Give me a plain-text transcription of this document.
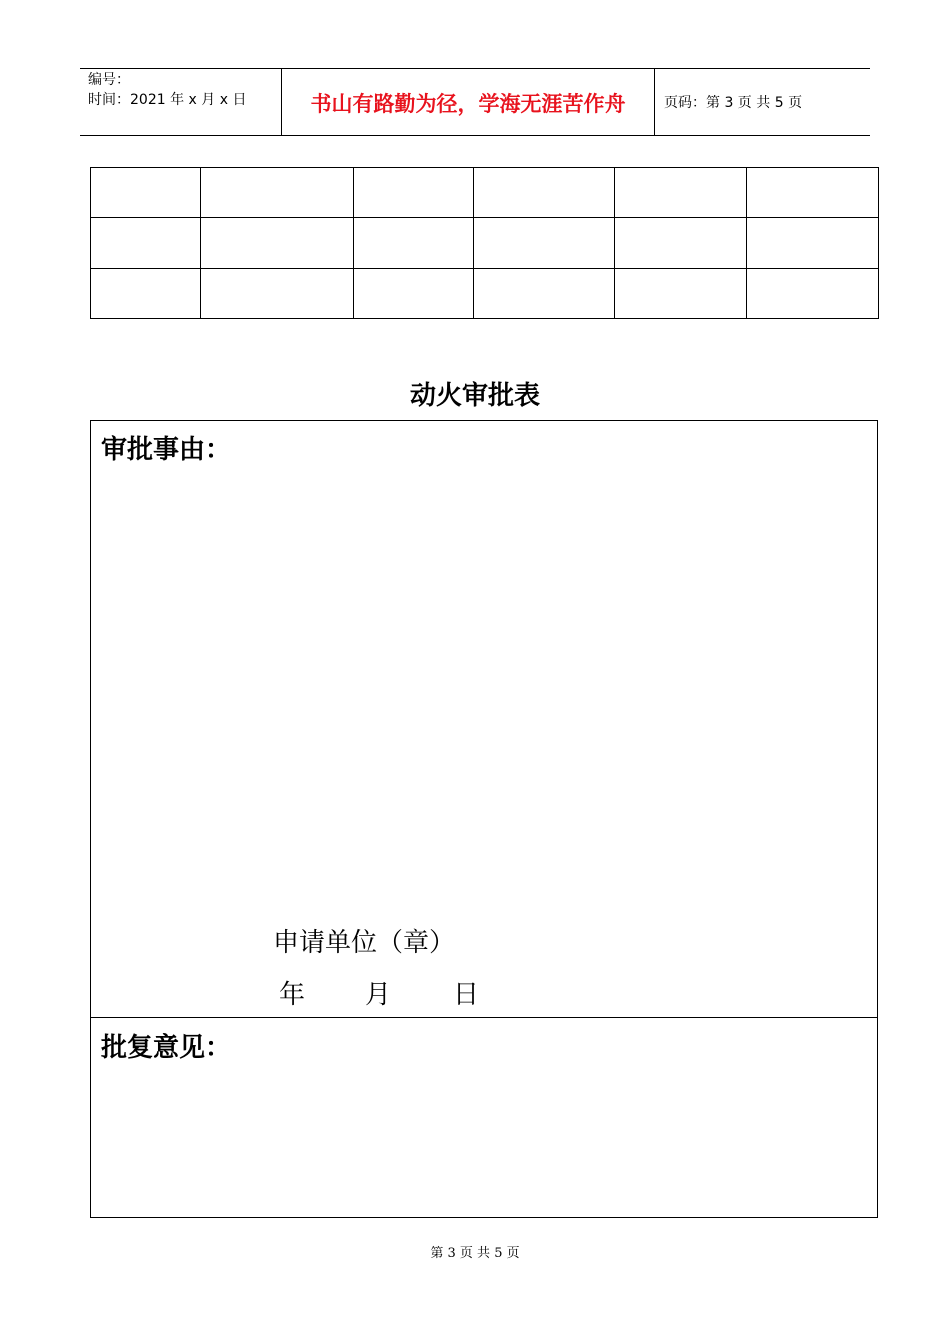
编号：
时间：2021 年 x 月 x 日	书山有路勤为径，学海无涯苦作舟	页码：第 3 页 共 5 页

动火审批表
审批事由：
申请单位（章）
年 月 日
批复意见：
第 3 页 共 5 页
